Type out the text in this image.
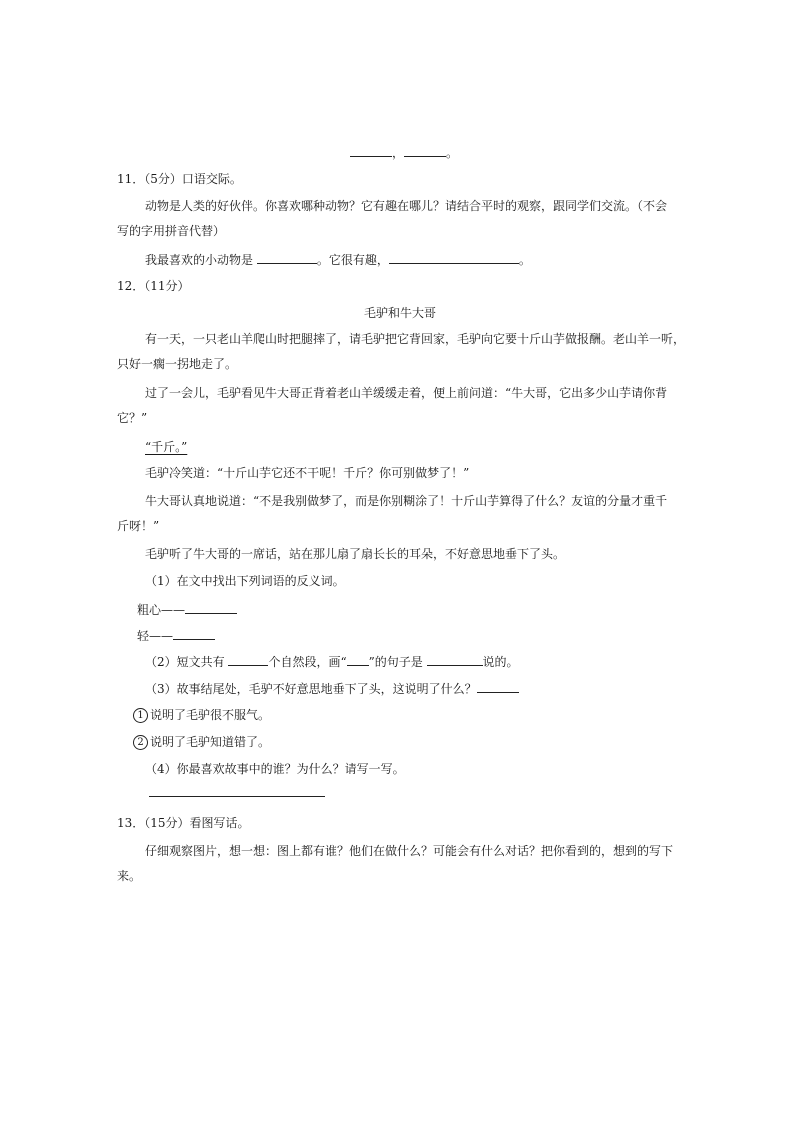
，	。
11．（5分）口语交际。
动物是人类的好伙伴。你喜欢哪种动物？它有趣在哪儿？请结合平时的观察，跟同学们交流。（不会
写的字用拼音代替）
我最喜欢的小动物是	。它很有趣，	。
12．（11分）
毛驴和牛大哥
有一天，一只老山羊爬山时把腿摔了，请毛驴把它背回家，毛驴向它要十斤山芋做报酬。老山羊一听，
只好一瘸一拐地走了。
过了一会儿，毛驴看见牛大哥正背着老山羊缓缓走着，便上前问道：“牛大哥，它出多少山芋请你背
它？”
“千斤。”
毛驴冷笑道：“十斤山芋它还不干呢！千斤？你可别做梦了！”
牛大哥认真地说道：“不是我别做梦了，而是你别糊涂了！十斤山芋算得了什么？友谊的分量才重千
斤呀！”
毛驴听了牛大哥的一席话，站在那儿扇了扇长长的耳朵，不好意思地垂下了头。
（1）在文中找出下列词语的反义词。
粗心——
轻——
（2）短文共有	个自然段，画“ ”的句子是	说的。
（3）故事结尾处，毛驴不好意思地垂下了头，这说明了什么？
1 说明了毛驴很不服气。
2 说明了毛驴知道错了。
（4）你最喜欢故事中的谁？为什么？请写一写。
13．（15分）看图写话。
仔细观察图片，想一想：图上都有谁？他们在做什么？可能会有什么对话？把你看到的，想到的写下
来。
